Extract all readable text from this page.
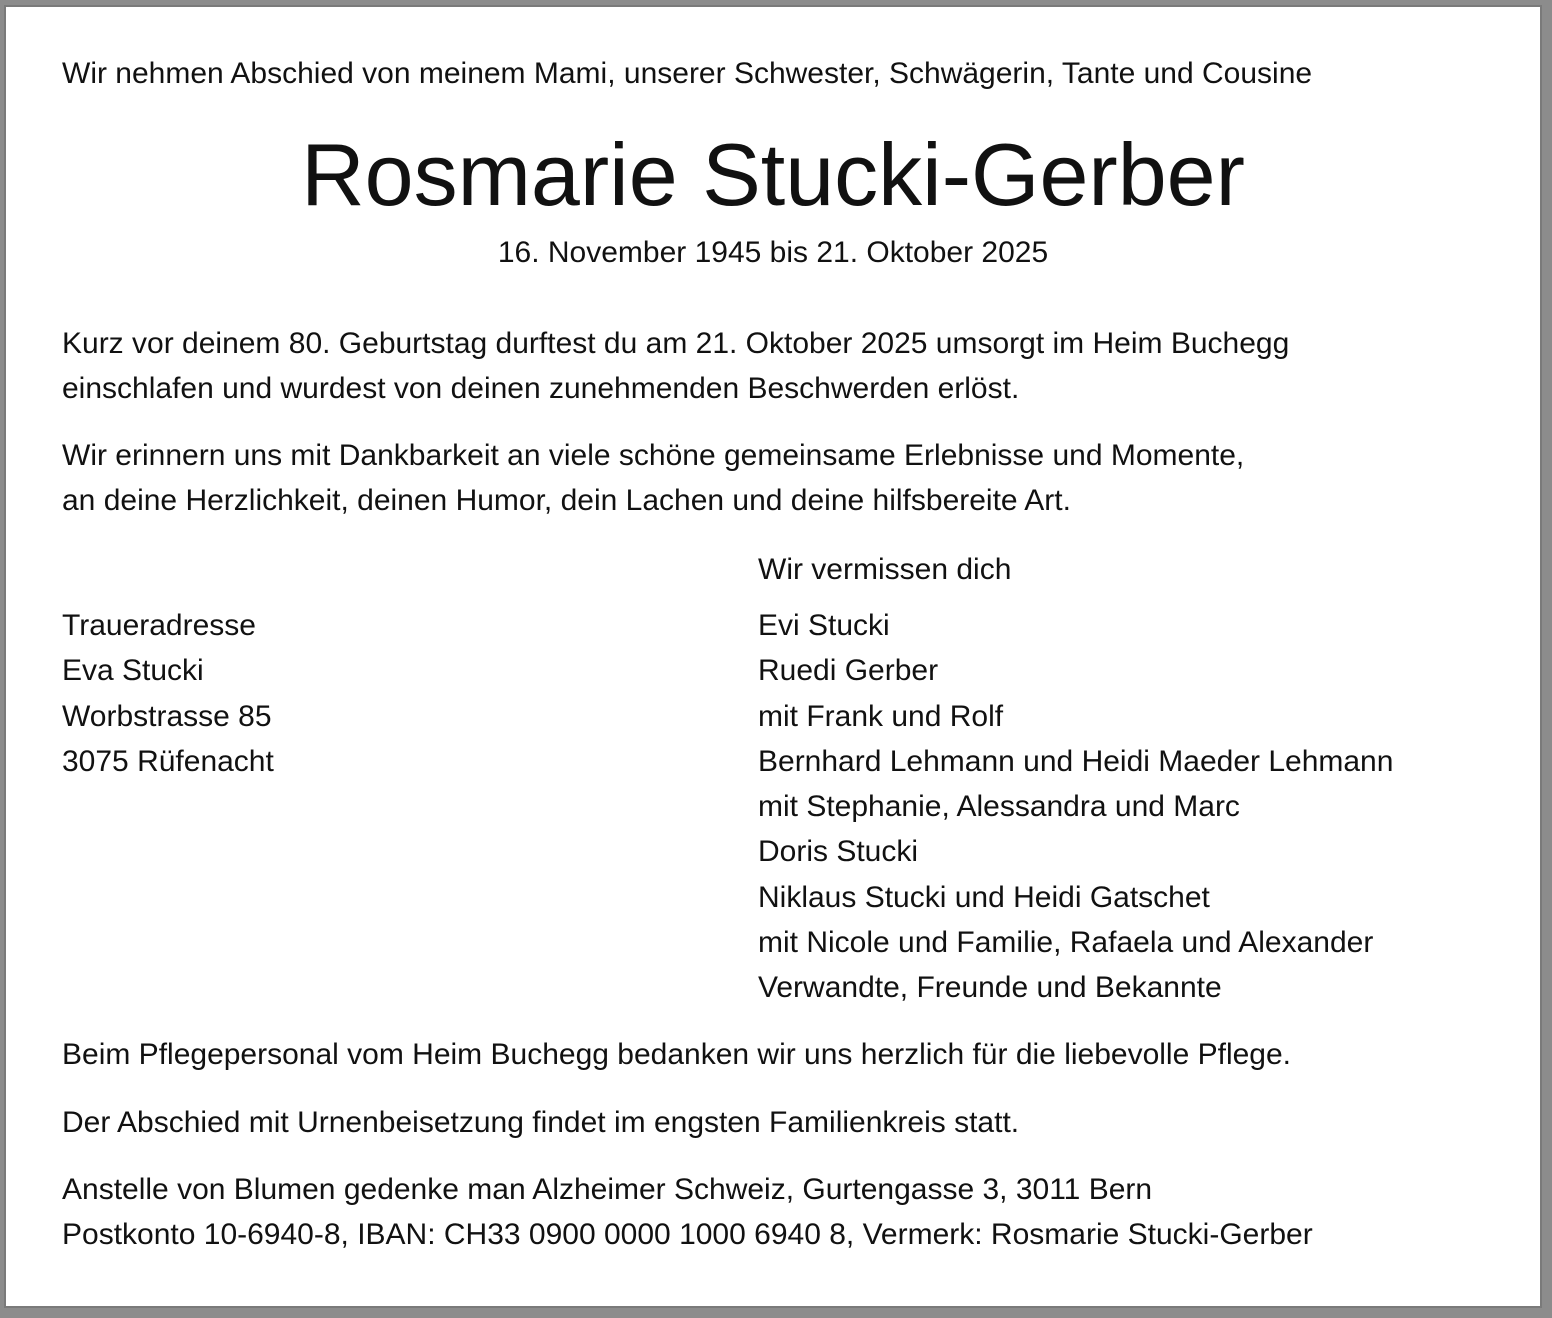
Wir nehmen Abschied von meinem Mami, unserer Schwester, Schwägerin, Tante und Cousine
Rosmarie Stucki-Gerber
16. November 1945 bis 21. Oktober 2025
Kurz vor deinem 80. Geburtstag durftest du am 21. Oktober 2025 umsorgt im Heim Buchegg
einschlafen und wurdest von deinen zunehmenden Beschwerden erlöst.
Wir erinnern uns mit Dankbarkeit an viele schöne gemeinsame Erlebnisse und Momente,
an deine Herzlichkeit, deinen Humor, dein Lachen und deine hilfsbereite Art.
Wir vermissen dich
Traueradresse
Eva Stucki
Worbstrasse 85
3075 Rüfenacht
Evi Stucki
Ruedi Gerber
mit Frank und Rolf
Bernhard Lehmann und Heidi Maeder Lehmann
mit Stephanie, Alessandra und Marc
Doris Stucki
Niklaus Stucki und Heidi Gatschet
mit Nicole und Familie, Rafaela und Alexander
Verwandte, Freunde und Bekannte
Beim Pflegepersonal vom Heim Buchegg bedanken wir uns herzlich für die liebevolle Pflege.
Der Abschied mit Urnenbeisetzung findet im engsten Familienkreis statt.
Anstelle von Blumen gedenke man Alzheimer Schweiz, Gurtengasse 3, 3011 Bern
Postkonto 10-6940-8, IBAN: CH33 0900 0000 1000 6940 8, Vermerk: Rosmarie Stucki-Gerber
